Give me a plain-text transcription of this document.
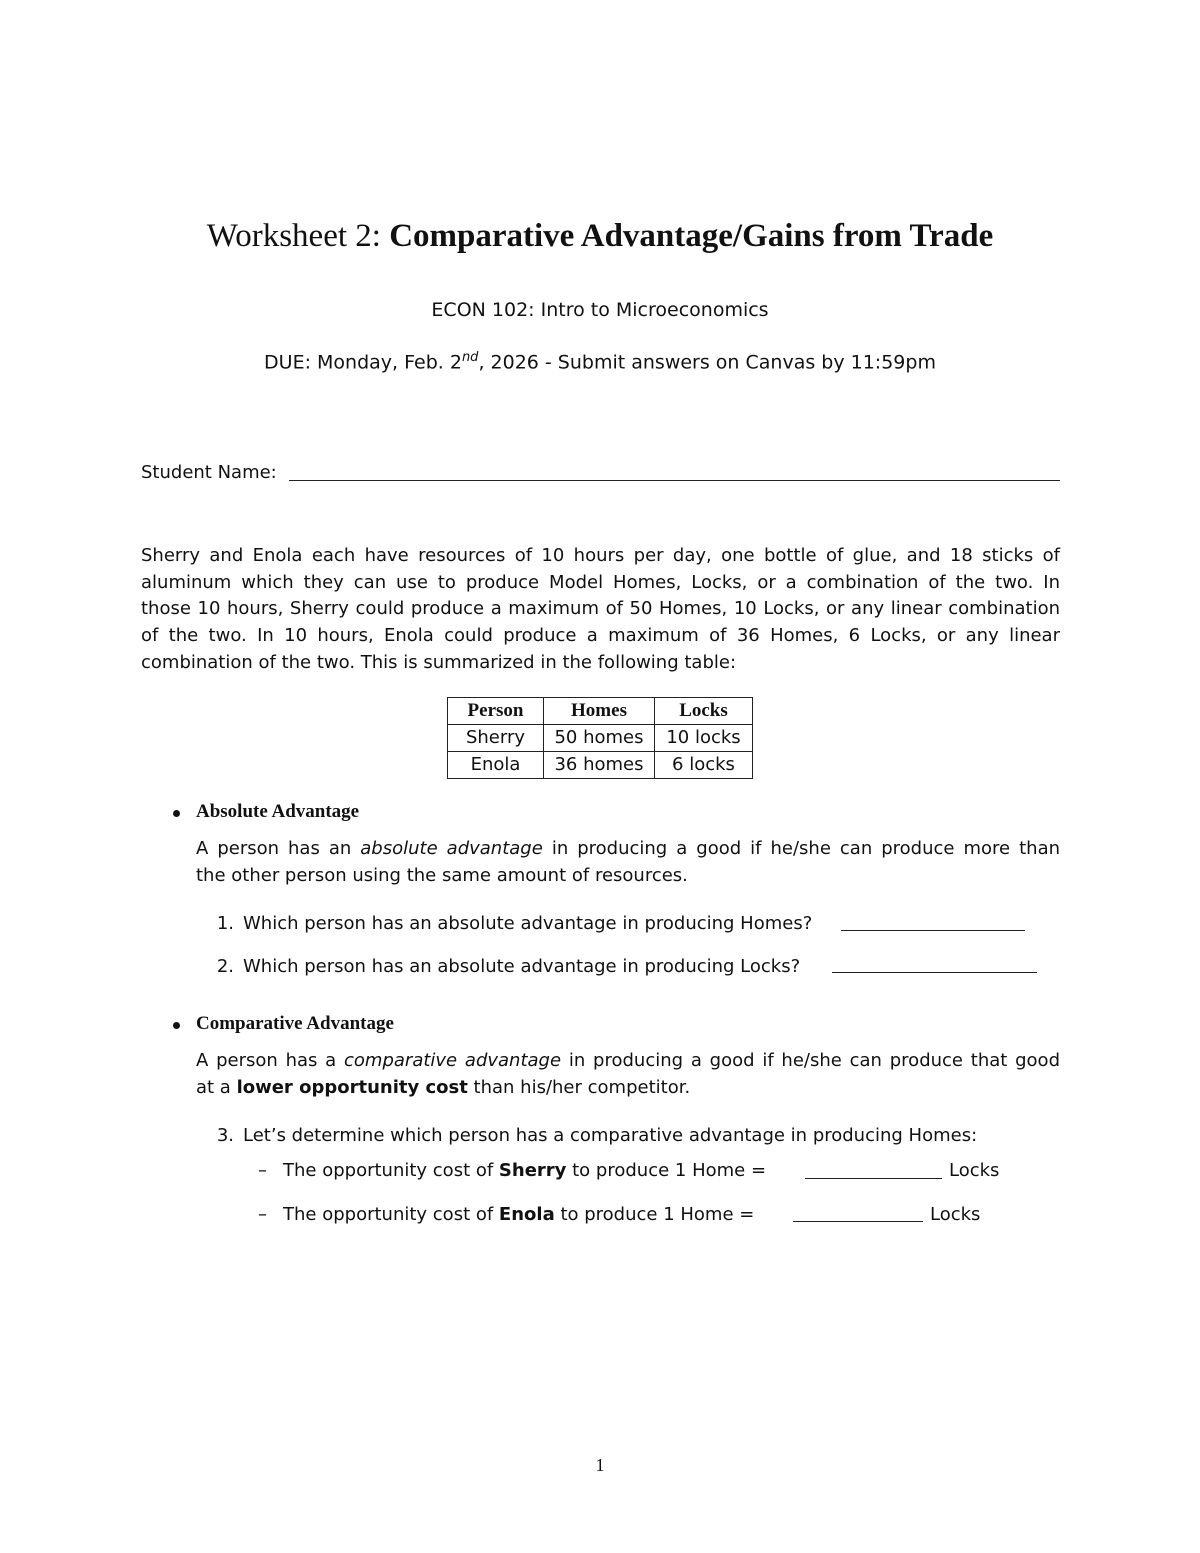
Worksheet 2: Comparative Advantage/Gains from Trade
ECON 102: Intro to Microeconomics
DUE: Monday, Feb. 2nd, 2026 - Submit answers on Canvas by 11:59pm
Student Name:
Sherry and Enola each have resources of 10 hours per day, one bottle of glue, and 18 sticks of
aluminum which they can use to produce Model Homes, Locks, or a combination of the two. In
those 10 hours, Sherry could produce a maximum of 50 Homes, 10 Locks, or any linear combination
of the two. In 10 hours, Enola could produce a maximum of 36 Homes, 6 Locks, or any linear
combination of the two. This is summarized in the following table:
Person	Homes	Locks
Sherry	50 homes	10 locks
Enola	36 homes	6 locks
Absolute Advantage
A person has an absolute advantage in producing a good if he/she can produce more than
the other person using the same amount of resources.
1. Which person has an absolute advantage in producing Homes?
2. Which person has an absolute advantage in producing Locks?
Comparative Advantage
A person has a comparative advantage in producing a good if he/she can produce that good
at a lower opportunity cost than his/her competitor.
3. Let’s determine which person has a comparative advantage in producing Homes:
– The opportunity cost of Sherry to produce 1 Home =	Locks
– The opportunity cost of Enola to produce 1 Home =	Locks
1
